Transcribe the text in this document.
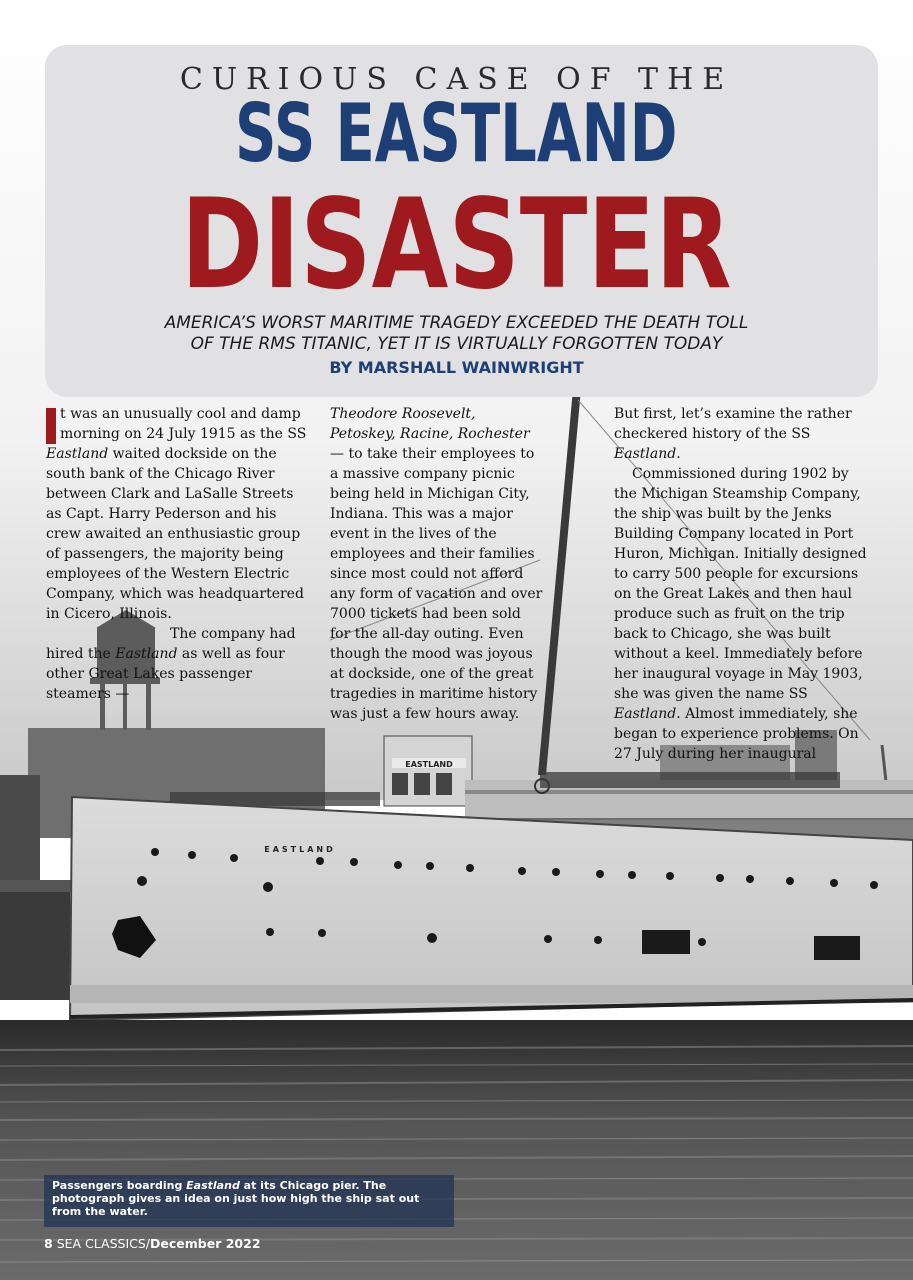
EASTLAND
EASTLAND
CURIOUS CASE OF THE
SS EASTLAND
DISASTER
AMERICA’S WORST MARITIME TRAGEDY EXCEEDED THE DEATH TOLL
OF THE RMS TITANIC, YET IT IS VIRTUALLY FORGOTTEN TODAY
BY MARSHALL WAINWRIGHT

t was an unusually cool and damp morning on 24 July 1915 as the SS Eastland waited dockside on the south bank of the Chicago River between Clark and LaSalle Streets as Capt. Harry Pederson and his crew awaited an enthusiastic group of passengers, the majority being employees of the Western Electric Company, which was headquartered in Cicero, Illinois.

The company had hired the Eastland as well as four other Great Lakes passenger steamers —

Theodore Roosevelt, Petoskey, Racine, Rochester — to take their employees to a massive company picnic being held in Michigan City, Indiana. This was a major event in the lives of the employees and their families since most could not afford any form of vacation and over 7000 tickets had been sold for the all-day outing. Even though the mood was joyous at dockside, one of the great tragedies in maritime history was just a few hours away.

But first, let’s examine the rather checkered history of the SS Eastland.

Commissioned during 1902 by the Michigan Steamship Company, the ship was built by the Jenks Building Company located in Port Huron, Michigan. Initially designed to carry 500 people for excursions on the Great Lakes and then haul produce such as fruit on the trip back to Chicago, she was built without a keel. Immediately before her inaugural voyage in May 1903, she was given the name SS Eastland. Almost immediately, she began to experience problems. On 27 July during her inaugural

Passengers boarding Eastland at its Chicago pier. The photograph gives an idea on just how high the ship sat out from the water.
8 SEA CLASSICS/December 2022
